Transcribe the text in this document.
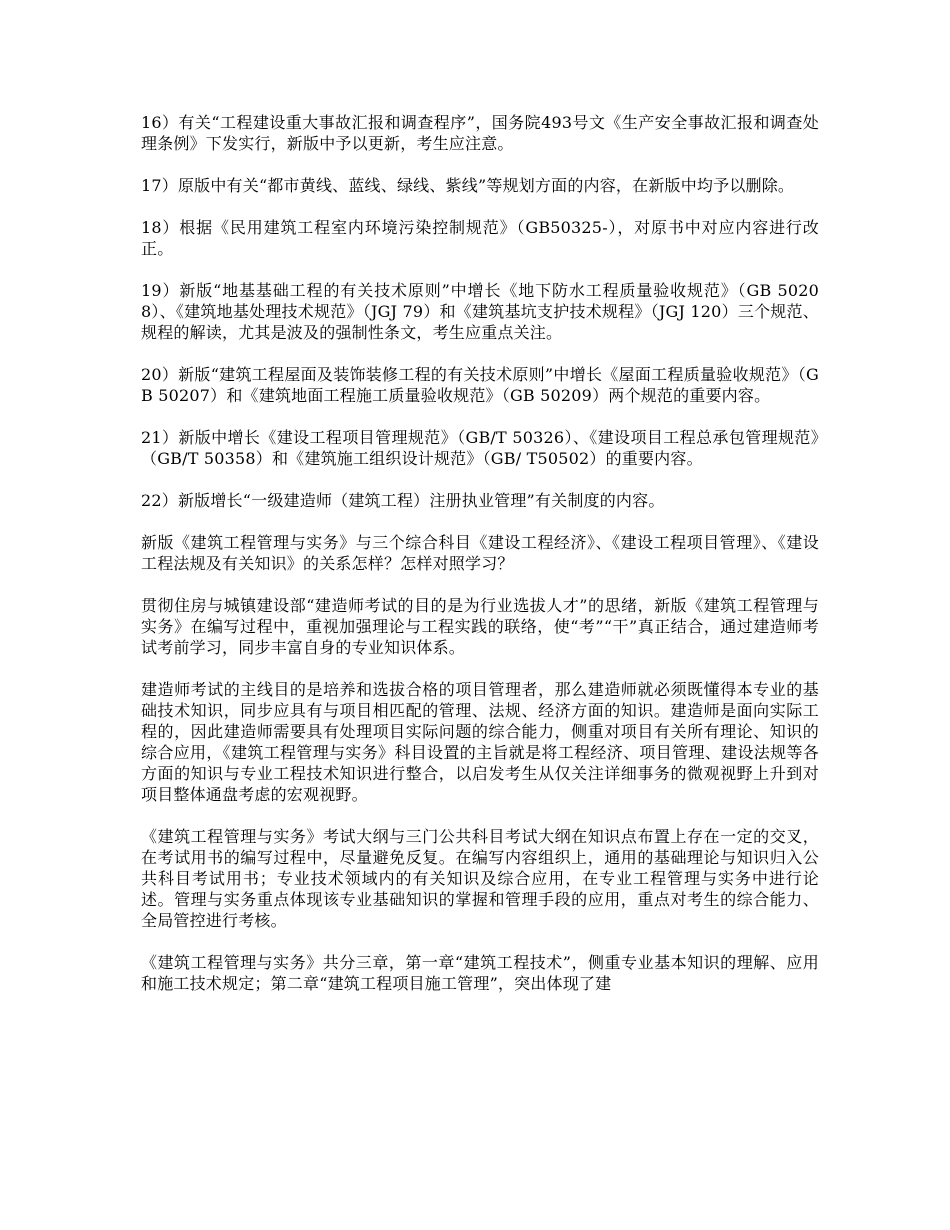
16）有关“工程建设重大事故汇报和调查程序”，国务院493号文《生产安全事故汇报和调查处理条例》下发实行，新版中予以更新，考生应注意。

17）原版中有关“都市黄线、蓝线、绿线、紫线”等规划方面的内容，在新版中均予以删除。

18）根据《民用建筑工程室内环境污染控制规范》（GB50325-），对原书中对应内容进行改正。

19）新版“地基基础工程的有关技术原则”中增长《地下防水工程质量验收规范》（GB 50208）、《建筑地基处理技术规范》（JGJ 79）和《建筑基坑支护技术规程》（JGJ 120）三个规范、规程的解读，尤其是波及的强制性条文，考生应重点关注。

20）新版“建筑工程屋面及装饰装修工程的有关技术原则”中增长《屋面工程质量验收规范》（GB 50207）和《建筑地面工程施工质量验收规范》（GB 50209）两个规范的重要内容。

21）新版中增长《建设工程项目管理规范》（GB/T 50326）、《建设项目工程总承包管理规范》（GB/T 50358）和《建筑施工组织设计规范》（GB/ T50502）的重要内容。

22）新版增长“一级建造师（建筑工程）注册执业管理”有关制度的内容。

新版《建筑工程管理与实务》与三个综合科目《建设工程经济》、《建设工程项目管理》、《建设工程法规及有关知识》的关系怎样？怎样对照学习？

贯彻住房与城镇建设部“建造师考试的目的是为行业选拔人才”的思绪，新版《建筑工程管理与实务》在编写过程中，重视加强理论与工程实践的联络，使“考”“干”真正结合，通过建造师考试考前学习，同步丰富自身的专业知识体系。

建造师考试的主线目的是培养和选拔合格的项目管理者，那么建造师就必须既懂得本专业的基础技术知识，同步应具有与项目相匹配的管理、法规、经济方面的知识。建造师是面向实际工程的，因此建造师需要具有处理项目实际问题的综合能力，侧重对项目有关所有理论、知识的综合应用，《建筑工程管理与实务》科目设置的主旨就是将工程经济、项目管理、建设法规等各方面的知识与专业工程技术知识进行整合，以启发考生从仅关注详细事务的微观视野上升到对项目整体通盘考虑的宏观视野。

《建筑工程管理与实务》考试大纲与三门公共科目考试大纲在知识点布置上存在一定的交叉，在考试用书的编写过程中，尽量避免反复。在编写内容组织上，通用的基础理论与知识归入公共科目考试用书；专业技术领域内的有关知识及综合应用，在专业工程管理与实务中进行论述。管理与实务重点体现该专业基础知识的掌握和管理手段的应用，重点对考生的综合能力、全局管控进行考核。

《建筑工程管理与实务》共分三章，第一章“建筑工程技术”，侧重专业基本知识的理解、应用和施工技术规定；第二章“建筑工程项目施工管理”，突出体现了建
